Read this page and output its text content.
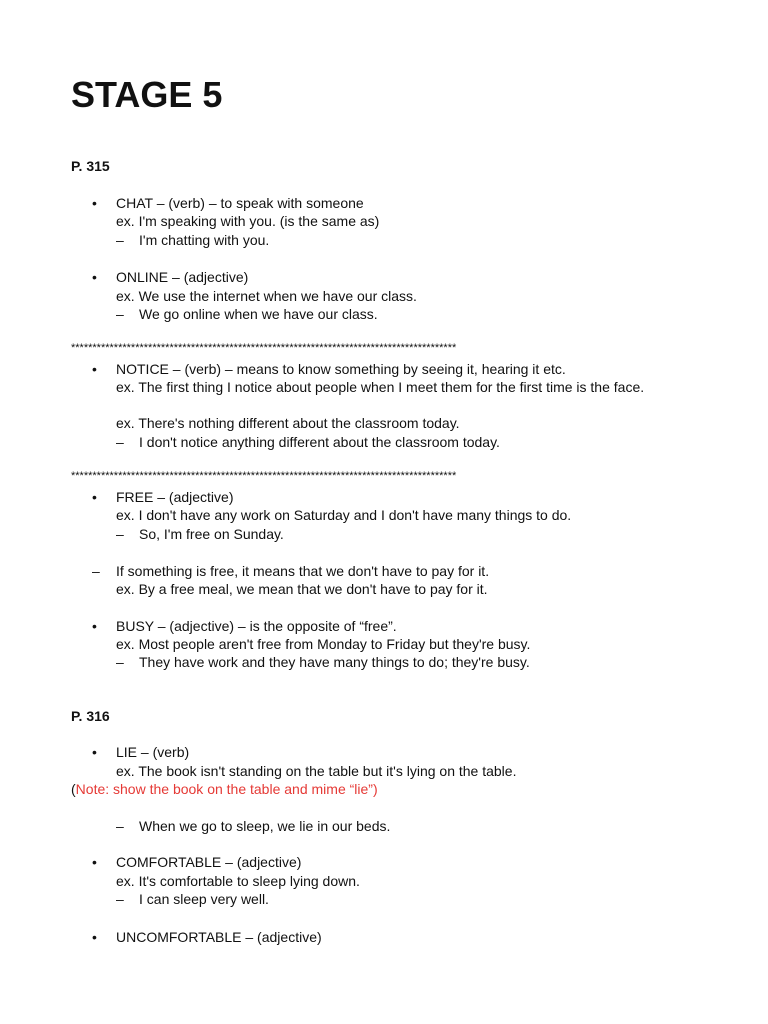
STAGE 5
P. 315
• CHAT – (verb) – to speak with someone
ex. I'm speaking with you. (is the same as)
– I'm chatting with you.
• ONLINE – (adjective)
ex. We use the internet when we have our class.
– We go online when we have our class.
******************************************************************************************
• NOTICE – (verb) – means to know something by seeing it, hearing it etc.
ex. The first thing I notice about people when I meet them for the first time is the face.
ex. There's nothing different about the classroom today.
– I don't notice anything different about the classroom today.
******************************************************************************************
• FREE – (adjective)
ex. I don't have any work on Saturday and I don't have many things to do.
– So, I'm free on Sunday.
– If something is free, it means that we don't have to pay for it.
ex. By a free meal, we mean that we don't have to pay for it.
• BUSY – (adjective) – is the opposite of “free”.
ex. Most people aren't free from Monday to Friday but they're busy.
– They have work and they have many things to do; they're busy.
P. 316
• LIE – (verb)
ex. The book isn't standing on the table but it's lying on the table.
(Note: show the book on the table and mime “lie”)
– When we go to sleep, we lie in our beds.
• COMFORTABLE – (adjective)
ex. It's comfortable to sleep lying down.
– I can sleep very well.
• UNCOMFORTABLE – (adjective)
